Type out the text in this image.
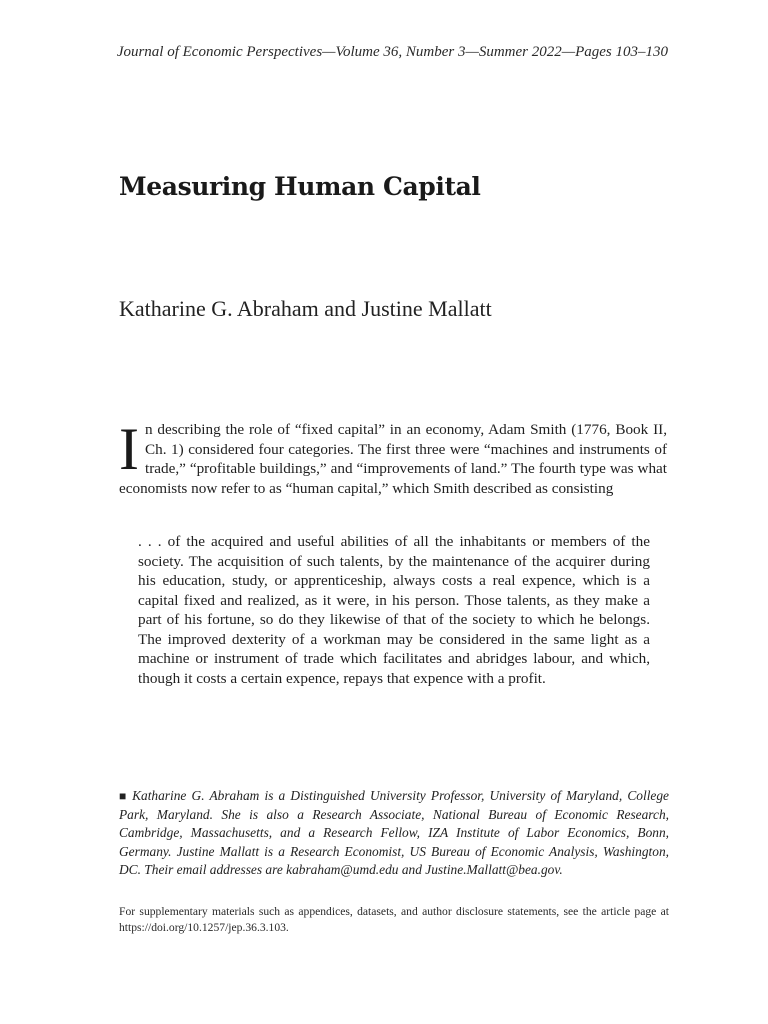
Journal of Economic Perspectives—Volume 36, Number 3—Summer 2022—Pages 103–130
Measuring Human Capital
Katharine G. Abraham and Justine Mallatt

In describing the role of “fixed capital” in an economy, Adam Smith (1776, Book II, Ch. 1) considered four categories. The first three were “machines and instruments of trade,” “profitable buildings,” and “improvements of land.” The fourth type was what economists now refer to as “human capital,” which Smith described as consisting

. . . of the acquired and useful abilities of all the inhabitants or members of the society. The acquisition of such talents, by the maintenance of the acquirer during his education, study, or apprenticeship, always costs a real expence, which is a capital fixed and realized, as it were, in his person. Those talents, as they make a part of his fortune, so do they likewise of that of the society to which he belongs. The improved dexterity of a workman may be considered in the same light as a machine or instrument of trade which facilitates and abridges labour, and which, though it costs a certain expence, repays that expence with a profit.

■ Katharine G. Abraham is a Distinguished University Professor, University of Maryland, College Park, Maryland. She is also a Research Associate, National Bureau of Economic Research, Cambridge, Massachusetts, and a Research Fellow, IZA Institute of Labor Economics, Bonn, Germany. Justine Mallatt is a Research Economist, US Bureau of Economic Analysis, Washington, DC. Their email addresses are kabraham@umd.edu and Justine.Mallatt@bea.gov.

For supplementary materials such as appendices, datasets, and author disclosure statements, see the article page at https://doi.org/10.1257/jep.36.3.103.
